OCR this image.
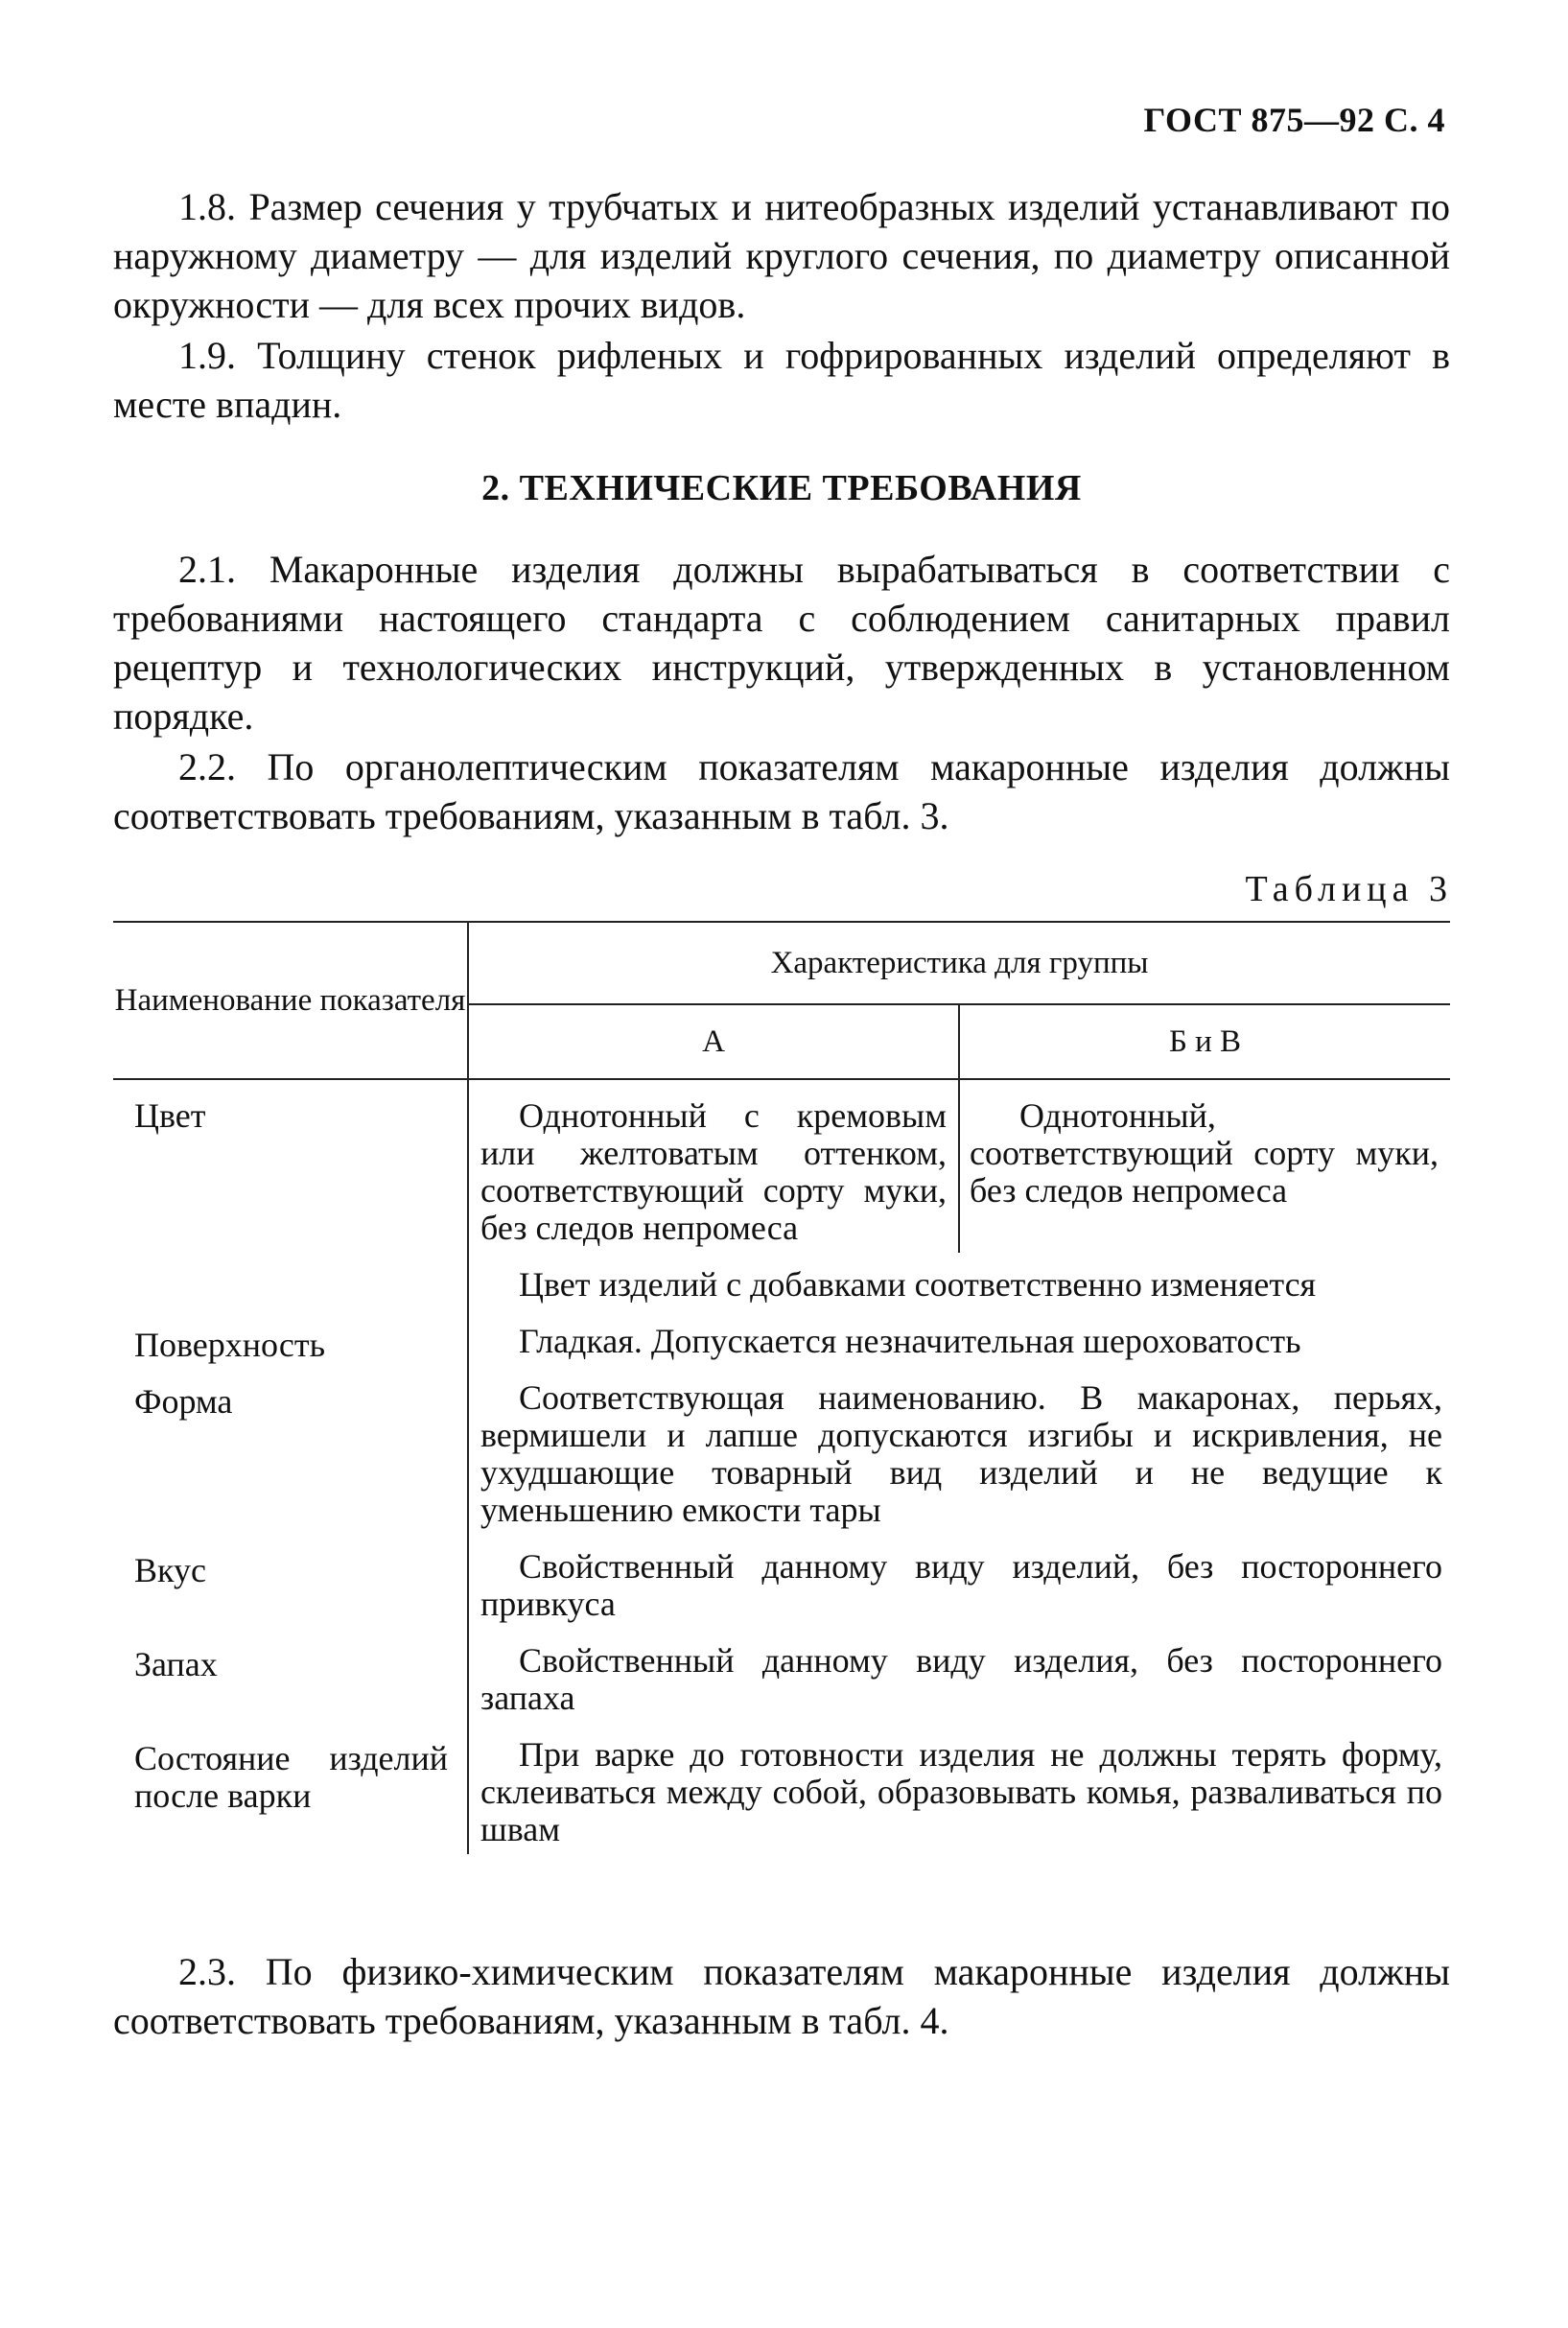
ГОСТ 875—92 С. 4

1.8. Размер сечения у трубчатых и нитеобразных изделий устанавливают по наружному диаметру — для изделий круглого сечения, по диаметру описанной окружности — для всех прочих видов.

1.9. Толщину стенок рифленых и гофрированных изделий определяют в месте впадин.

2. ТЕХНИЧЕСКИЕ ТРЕБОВАНИЯ

2.1. Макаронные изделия должны вырабатываться в соответствии с требованиями настоящего стандарта с соблюдением санитарных правил рецептур и технологических инструкций, утвержденных в установленном порядке.

2.2. По органолептическим показателям макаронные изделия должны соответствовать требованиям, указанным в табл. 3.

Таблица 3
Наименование показателя	Характеристика для группы	
	А	Б и В
Цвет	Однотонный с кремовым или желтоватым оттенком, соответствующий сорту муки, без следов непромеса	Однотонный, соответствующий сорту муки, без следов непромеса
	Цвет изделий с добавками соответственно изменяется	
Поверхность	Гладкая. Допускается незначительная шероховатость	
Форма	Соответствующая наименованию. В макаронах, перьях, вермишели и лапше допускаются изгибы и искривления, не ухудшающие товарный вид изделий и не ведущие к уменьшению емкости тары	
Вкус	Свойственный данному виду изделий, без постороннего привкуса	
Запах	Свойственный данному виду изделия, без постороннего запаха	
Состояние изделий после варки	При варке до готовности изделия не должны терять форму, склеиваться между собой, образовывать комья, разваливаться по швам	

2.3. По физико-химическим показателям макаронные изделия должны соответствовать требованиям, указанным в табл. 4.
